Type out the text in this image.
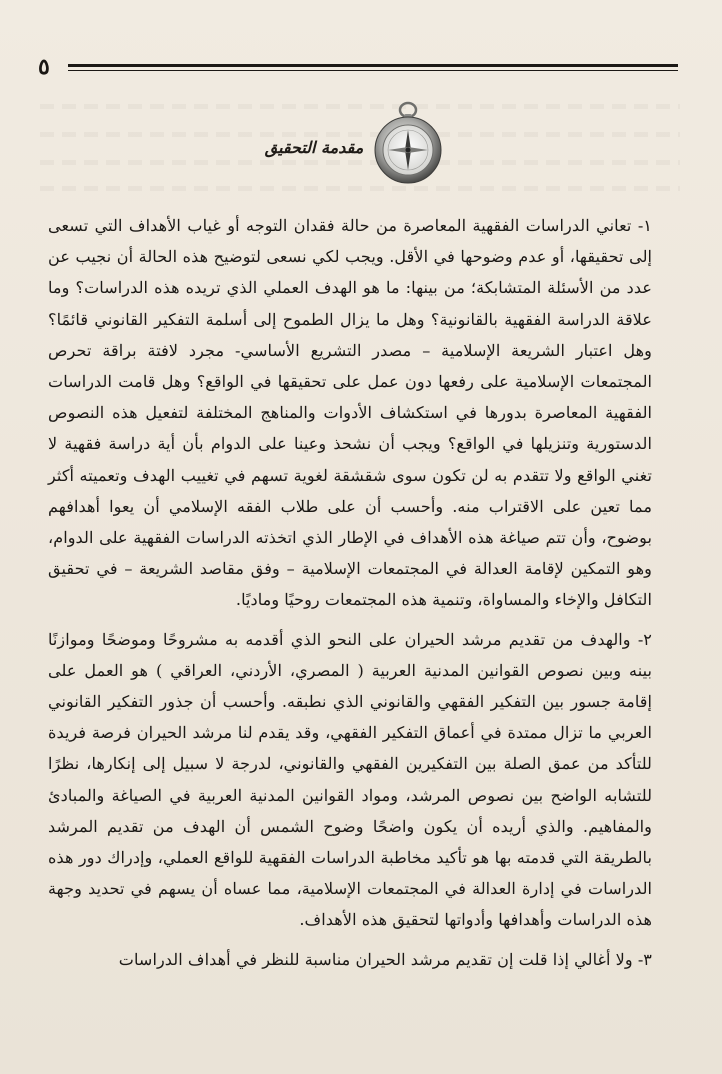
٥
مقدمة التحقيق

١- تعاني الدراسات الفقهية المعاصرة من حالة فقدان التوجه أو غياب الأهداف التي تسعى إلى تحقيقها، أو عدم وضوحها في الأقل. ويجب لكي نسعى لتوضيح هذه الحالة أن نجيب عن عدد من الأسئلة المتشابكة؛ من بينها: ما هو الهدف العملي الذي تريده هذه الدراسات؟ وما علاقة الدراسة الفقهية بالقانونية؟ وهل ما يزال الطموح إلى أسلمة التفكير القانوني قائمًا؟ وهل اعتبار الشريعة الإسلامية – مصدر التشريع الأساسي- مجرد لافتة براقة تحرص المجتمعات الإسلامية على رفعها دون عمل على تحقيقها في الواقع؟ وهل قامت الدراسات الفقهية المعاصرة بدورها في استكشاف الأدوات والمناهج المختلفة لتفعيل هذه النصوص الدستورية وتنزيلها في الواقع؟ ويجب أن نشحذ وعينا على الدوام بأن أية دراسة فقهية لا تغني الواقع ولا تتقدم به لن تكون سوى شقشقة لغوية تسهم في تغييب الهدف وتعميته أكثر مما تعين على الاقتراب منه. وأحسب أن على طلاب الفقه الإسلامي أن يعوا أهدافهم بوضوح، وأن تتم صياغة هذه الأهداف في الإطار الذي اتخذته الدراسات الفقهية على الدوام، وهو التمكين لإقامة العدالة في المجتمعات الإسلامية – وفق مقاصد الشريعة – في تحقيق التكافل والإخاء والمساواة، وتنمية هذه المجتمعات روحيًا وماديًا.

٢- والهدف من تقديم مرشد الحيران على النحو الذي أقدمه به مشروحًا وموضحًا وموازنًا بينه وبين نصوص القوانين المدنية العربية ( المصري، الأردني، العراقي ) هو العمل على إقامة جسور بين التفكير الفقهي والقانوني الذي نطبقه. وأحسب أن جذور التفكير القانوني العربي ما تزال ممتدة في أعماق التفكير الفقهي، وقد يقدم لنا مرشد الحيران فرصة فريدة للتأكد من عمق الصلة بين التفكيرين الفقهي والقانوني، لدرجة لا سبيل إلى إنكارها، نظرًا للتشابه الواضح بين نصوص المرشد، ومواد القوانين المدنية العربية في الصياغة والمبادئ والمفاهيم. والذي أريده أن يكون واضحًا وضوح الشمس أن الهدف من تقديم المرشد بالطريقة التي قدمته بها هو تأكيد مخاطبة الدراسات الفقهية للواقع العملي، وإدراك دور هذه الدراسات في إدارة العدالة في المجتمعات الإسلامية، مما عساه أن يسهم في تحديد وجهة هذه الدراسات وأهدافها وأدواتها لتحقيق هذه الأهداف.

٣- ولا أغالي إذا قلت إن تقديم مرشد الحيران مناسبة للنظر في أهداف الدراسات
